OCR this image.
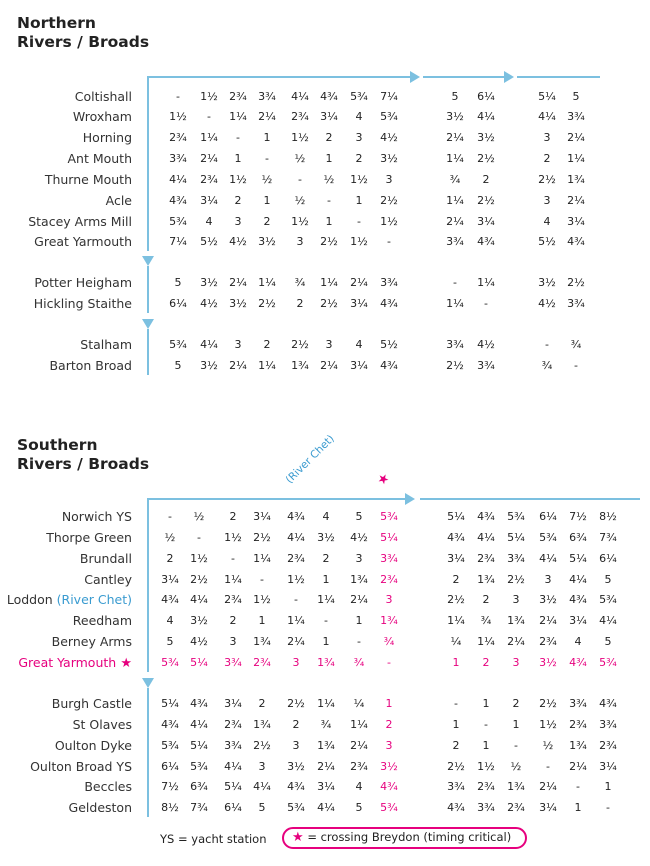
Northern
Rivers / Broads
Southern
Rivers / Broads
Coltishall	-	1½	2¾	3¾	4¼	4¾	5¾	7¼	5	6¼	5¼	5
Wroxham	1½	-	1¼	2¼	2¾	3¼	4	5¾	3½	4¼	4¼	3¾
Horning	2¾	1¼	-	1	1½	2	3	4½	2¼	3½	3	2¼
Ant Mouth	3¾	2¼	1	-	½	1	2	3½	1¼	2½	2	1¼
Thurne Mouth	4¼	2¾	1½	½	-	½	1½	3	¾	2	2½	1¾
Acle	4¾	3¼	2	1	½	-	1	2½	1¼	2½	3	2¼
Stacey Arms Mill	5¾	4	3	2	1½	1	-	1½	2¼	3¼	4	3¼
Great Yarmouth	7¼	5½	4½	3½	3	2½	1½	-	3¾	4¾	5½	4¾
Potter Heigham	5	3½	2¼	1¼	¾	1¼	2¼	3¾	-	1¼	3½	2½
Hickling Staithe	6¼	4½	3½	2½	2	2½	3¼	4¾	1¼	-	4½	3¾
Stalham	5¾	4¼	3	2	2½	3	4	5½	3¾	4½	-	¾
Barton Broad	5	3½	2¼	1¼	1¾	2¼	3¼	4¾	2½	3¾	¾	-
(River Chet)	★
Norwich YS	-	½	2	3¼	4¾	4	5	5¾	5¼	4¾	5¾	6¼	7½	8½
Thorpe Green	½	-	1½	2½	4¼	3½	4½	5¼	4¾	4¼	5¼	5¾	6¾	7¾
Brundall	2	1½	-	1¼	2¾	2	3	3¾	3¼	2¾	3¾	4¼	5¼	6¼
Cantley	3¼	2½	1¼	-	1½	1	1¾	2¾	2	1¾	2½	3	4¼	5
Loddon (River Chet)	4¾	4¼	2¾	1½	-	1¼	2¼	3	2½	2	3	3½	4¾	5¾
Reedham	4	3½	2	1	1¼	-	1	1¾	1¼	¾	1¾	2¼	3¼	4¼
Berney Arms	5	4½	3	1¾	2¼	1	-	¾	¼	1¼	2¼	2¾	4	5
Great Yarmouth ★	5¾	5¼	3¾	2¾	3	1¾	¾	-	1	2	3	3½	4¾	5¾
Burgh Castle	5¼	4¾	3¼	2	2½	1¼	¼	1	-	1	2	2½	3¾	4¾
St Olaves	4¾	4¼	2¾	1¾	2	¾	1¼	2	1	-	1	1½	2¾	3¾
Oulton Dyke	5¾	5¼	3¾	2½	3	1¾	2¼	3	2	1	-	½	1¾	2¾
Oulton Broad YS	6¼	5¾	4¼	3	3½	2¼	2¾	3½	2½	1½	½	-	2¼	3¼
Beccles	7½	6¾	5¼	4¼	4¾	3¼	4	4¾	3¾	2¾	1¾	2¼	-	1
Geldeston	8½	7¾	6¼	5	5¾	4¼	5	5¾	4¾	3¾	2¾	3¼	1	-
YS = yacht station ★ = crossing Breydon (timing critical)
